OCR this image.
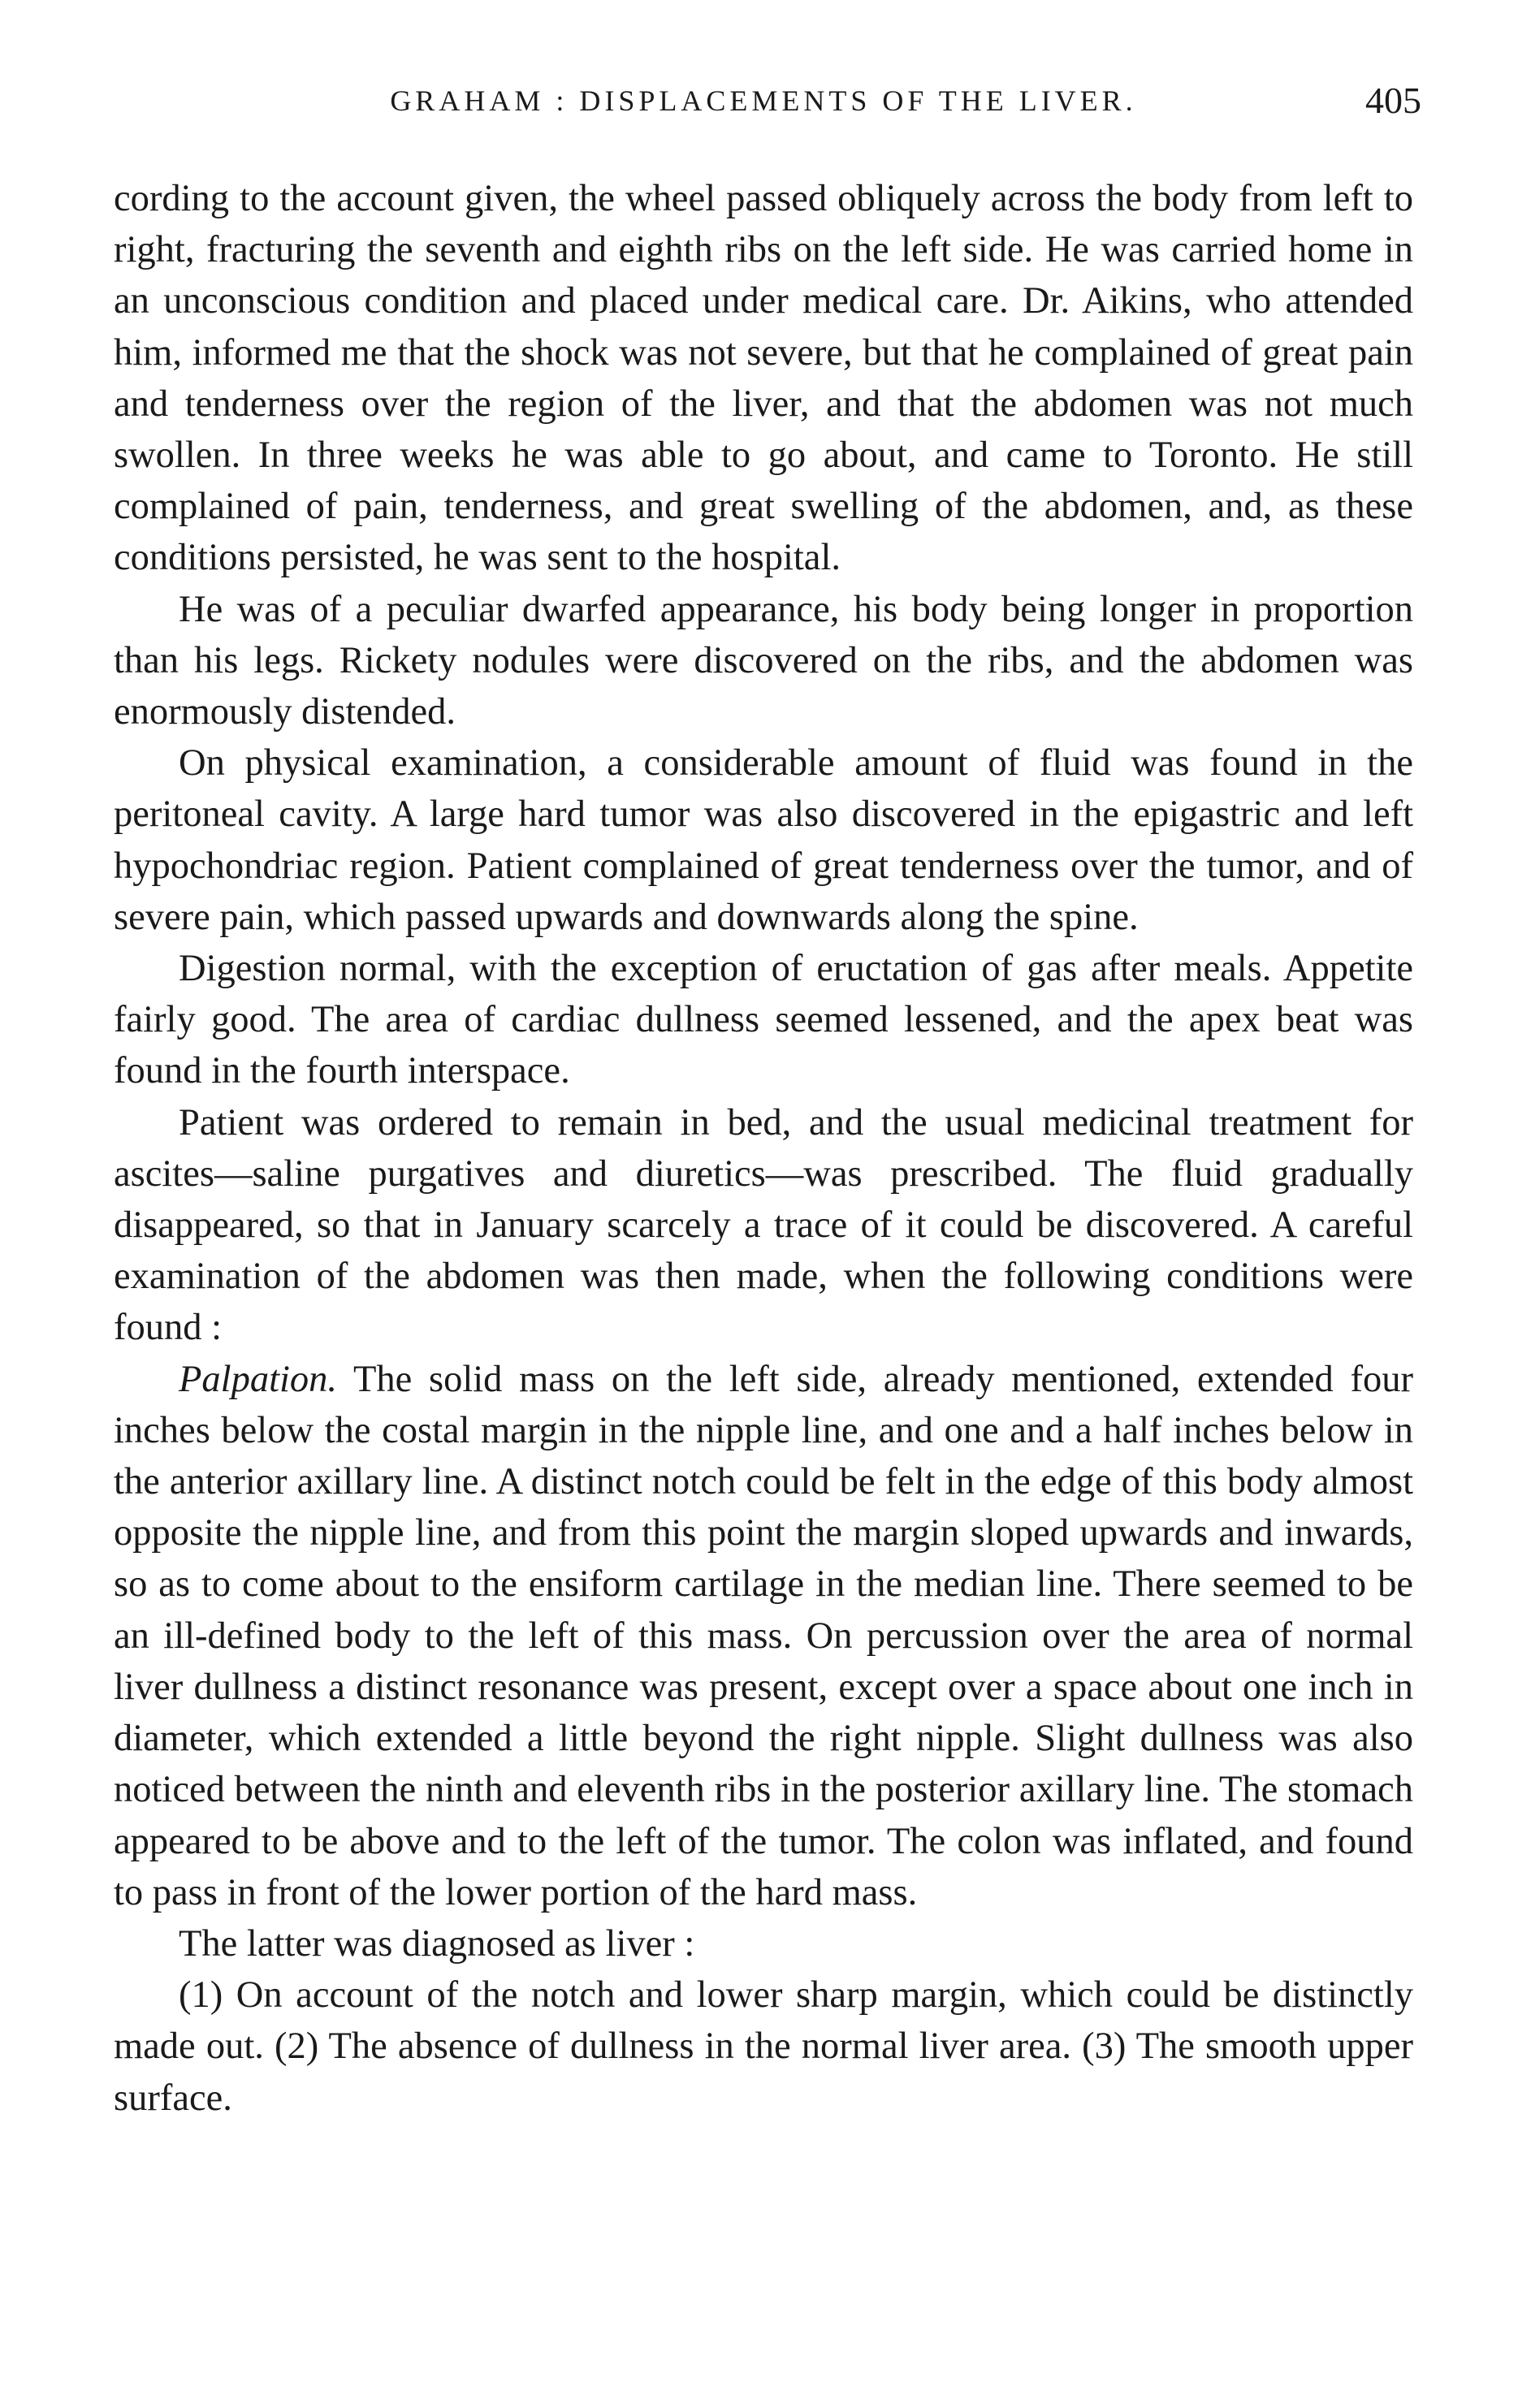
GRAHAM : DISPLACEMENTS OF THE LIVER.	405

cording to the account given, the wheel passed obliquely across the body from left to right, fracturing the seventh and eighth ribs on the left side. He was carried home in an unconscious condition and placed under medical care. Dr. Aikins, who attended him, informed me that the shock was not severe, but that he complained of great pain and tenderness over the region of the liver, and that the abdomen was not much swollen. In three weeks he was able to go about, and came to Toronto. He still complained of pain, tenderness, and great swelling of the abdomen, and, as these conditions persisted, he was sent to the hospital.

He was of a peculiar dwarfed appearance, his body being longer in proportion than his legs. Rickety nodules were discovered on the ribs, and the abdomen was enormously distended.

On physical examination, a considerable amount of fluid was found in the peritoneal cavity. A large hard tumor was also discovered in the epigastric and left hypochondriac region. Patient complained of great tenderness over the tumor, and of severe pain, which passed upwards and downwards along the spine.

Digestion normal, with the exception of eructation of gas after meals. Appetite fairly good. The area of cardiac dullness seemed lessened, and the apex beat was found in the fourth interspace.

Patient was ordered to remain in bed, and the usual medicinal treatment for ascites—saline purgatives and diuretics—was prescribed. The fluid gradually disappeared, so that in January scarcely a trace of it could be discovered. A careful examination of the abdomen was then made, when the following conditions were found :

Palpation. The solid mass on the left side, already mentioned, extended four inches below the costal margin in the nipple line, and one and a half inches below in the anterior axillary line. A distinct notch could be felt in the edge of this body almost opposite the nipple line, and from this point the margin sloped upwards and inwards, so as to come about to the ensiform cartilage in the median line. There seemed to be an ill-defined body to the left of this mass. On percussion over the area of normal liver dullness a distinct resonance was present, except over a space about one inch in diameter, which extended a little beyond the right nipple. Slight dullness was also noticed between the ninth and eleventh ribs in the posterior axillary line. The stomach appeared to be above and to the left of the tumor. The colon was inflated, and found to pass in front of the lower portion of the hard mass.

The latter was diagnosed as liver :

(1) On account of the notch and lower sharp margin, which could be distinctly made out. (2) The absence of dullness in the normal liver area. (3) The smooth upper surface.
